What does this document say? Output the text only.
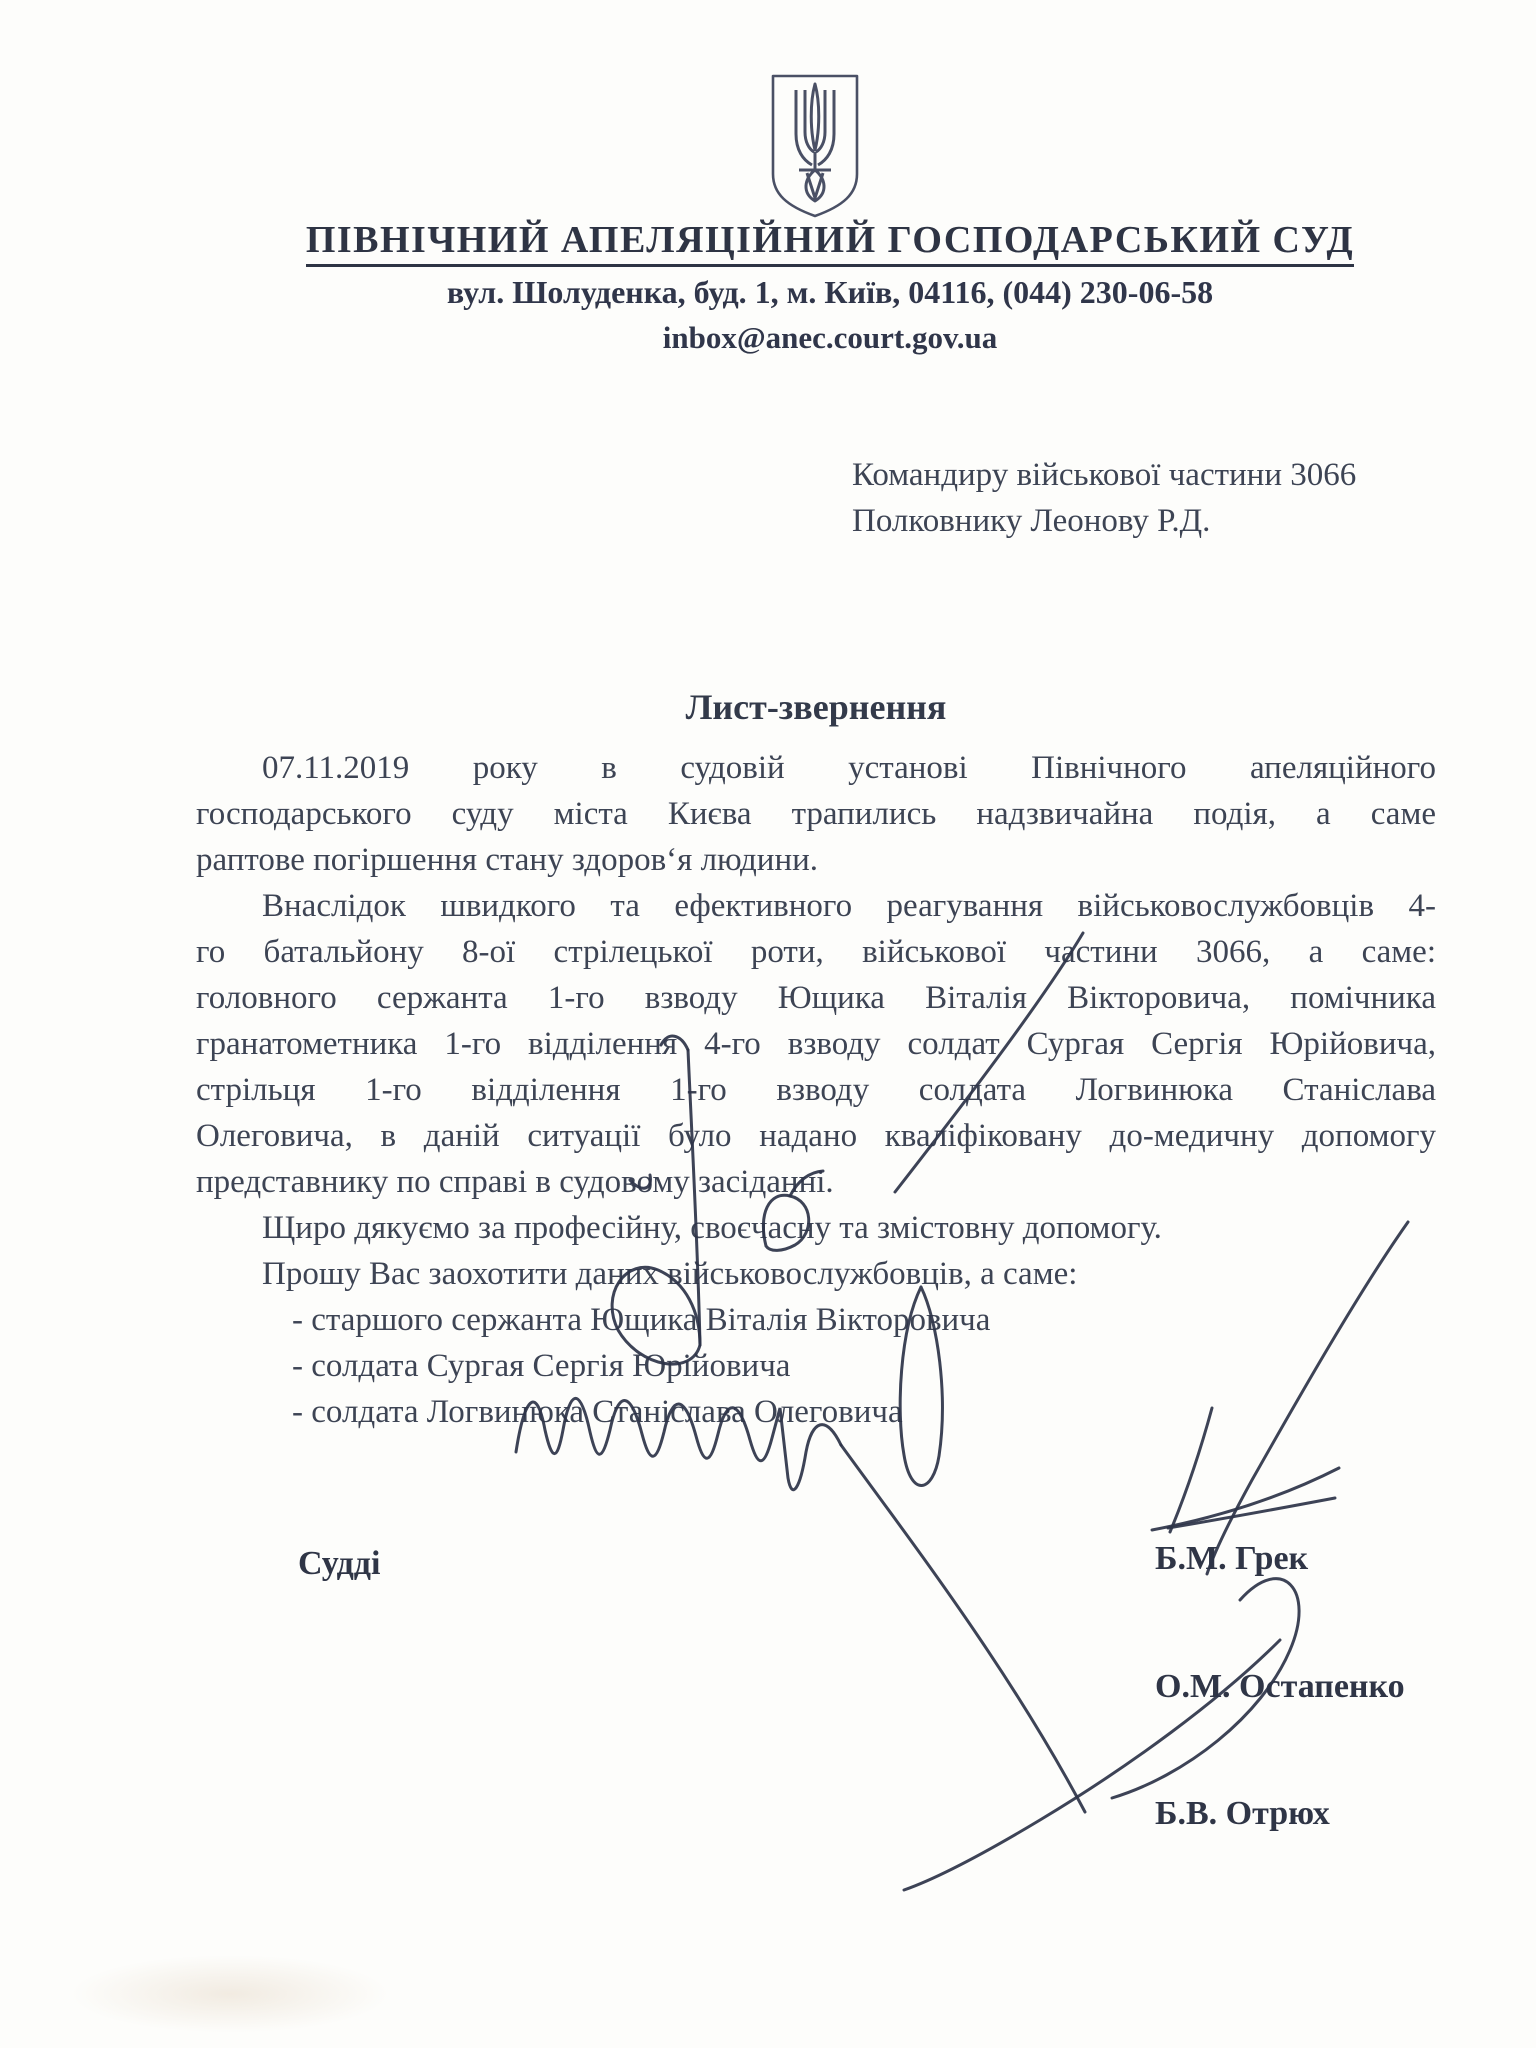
ПІВНІЧНИЙ АПЕЛЯЦІЙНИЙ ГОСПОДАРСЬКИЙ СУД
вул. Шолуденка, буд. 1, м. Київ, 04116, (044) 230-06-58
inbox@anec.court.gov.ua
Командиру військової частини 3066
Полковнику Леонову Р.Д.
Лист-звернення
07.11.2019 року в судовій установі Північного апеляційного
господарського суду міста Києва трапились надзвичайна подія, а саме
раптове погіршення стану здоров‘я людини.
Внаслідок швидкого та ефективного реагування військовослужбовців 4-
го батальйону 8-ої стрілецької роти, військової частини 3066, а саме:
головного сержанта 1-го взводу Ющика Віталія Вікторовича, помічника
гранатометника 1-го відділення 4-го взводу солдат Сургая Сергія Юрійовича,
стрільця 1-го відділення 1-го взводу солдата Логвинюка Станіслава
Олеговича, в даній ситуації було надано кваліфіковану до-медичну допомогу
представнику по справі в судовому засіданні.
Щиро дякуємо за професійну, своєчасну та змістовну допомогу.
Прошу Вас заохотити даних військовослужбовців, а саме:
- старшого сержанта Ющика Віталія Вікторовича
- солдата Сургая Сергія Юрійовича
- солдата Логвинюка Станіслава Олеговича
Судді	Б.М. Грек
О.М. Остапенко
Б.В. Отрюх
